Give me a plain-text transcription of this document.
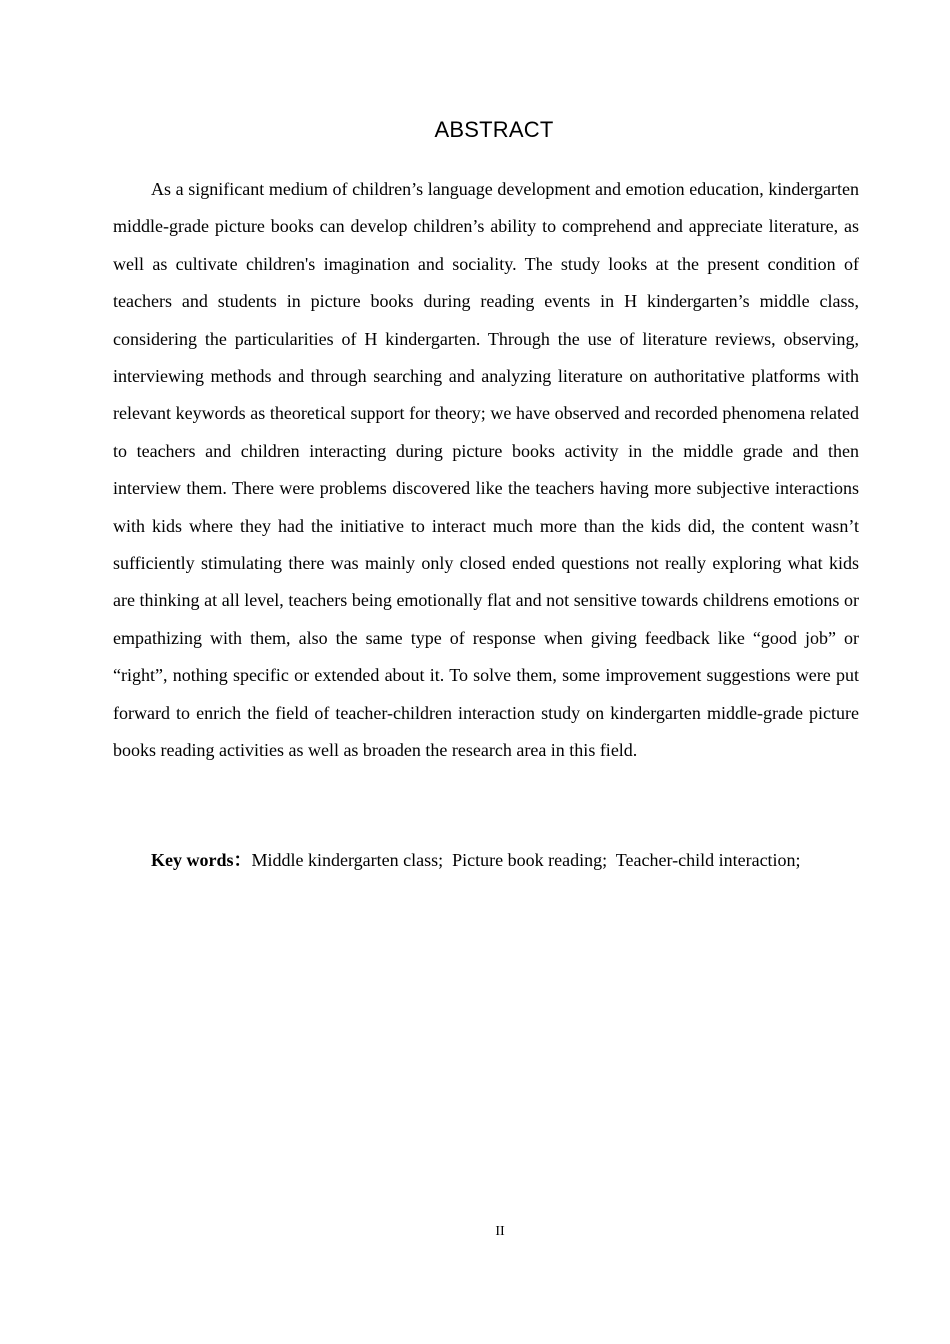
ABSTRACT

As a significant medium of children’s language development and emotion education, kindergarten middle-grade picture books can develop children’s ability to comprehend and appreciate literature, as well as cultivate children's imagination and sociality. The study looks at the present condition of teachers and students in picture books during reading events in H kindergarten’s middle class, considering the particularities of H kindergarten. Through the use of literature reviews, observing, interviewing methods and through searching and analyzing literature on authoritative platforms with relevant keywords as theoretical support for theory; we have observed and recorded phenomena related to teachers and children interacting during picture books activity in the middle grade and then interview them. There were problems discovered like the teachers having more subjective interactions with kids where they had the initiative to interact much more than the kids did, the content wasn’t sufficiently stimulating there was mainly only closed ended questions not really exploring what kids are thinking at all level, teachers being emotionally flat and not sensitive towards childrens emotions or empathizing with them, also the same type of response when giving feedback like “good job” or “right”, nothing specific or extended about it. To solve them, some improvement suggestions were put forward to enrich the field of teacher-children interaction study on kindergarten middle-grade picture books reading activities as well as broaden the research area in this field.

Key words：Middle kindergarten class; Picture book reading; Teacher-child interaction;

II
